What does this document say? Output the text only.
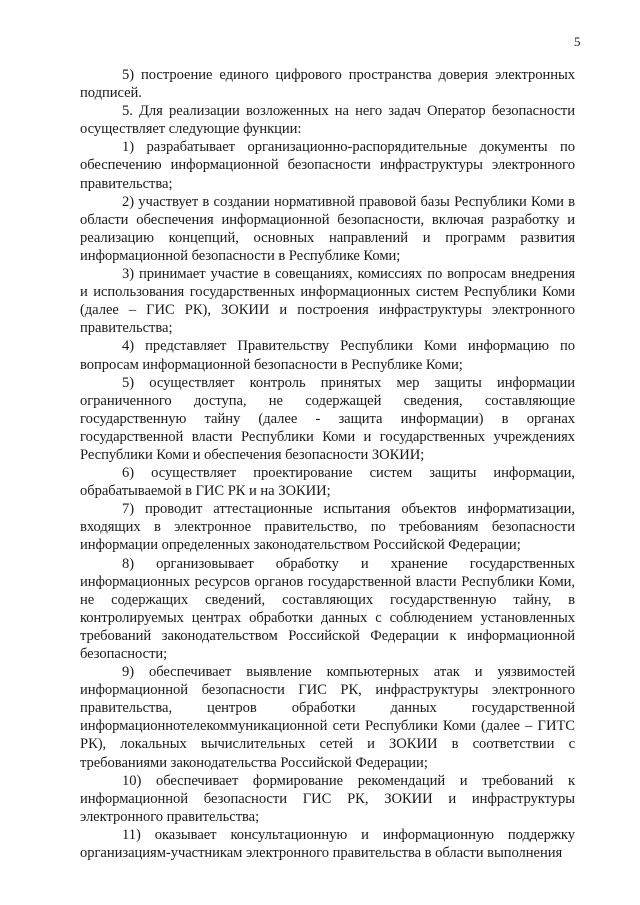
5

5) построение единого цифрового пространства доверия электронных подписей.

5. Для реализации возложенных на него задач Оператор безопасности осуществляет следующие функции:

1) разрабатывает организационно-распорядительные документы по обеспечению информационной безопасности инфраструктуры электронного правительства;

2) участвует в создании нормативной правовой базы Республики Коми в области обеспечения информационной безопасности, включая разработку и реализацию концепций, основных направлений и программ развития информационной безопасности в Республике Коми;

3) принимает участие в совещаниях, комиссиях по вопросам внедрения и использования государственных информационных систем Республики Коми (далее – ГИС РК), ЗОКИИ и построения инфраструктуры электронного правительства;

4) представляет Правительству Республики Коми информацию по вопросам информационной безопасности в Республике Коми;

5) осуществляет контроль принятых мер защиты информации ограниченного доступа, не содержащей сведения, составляющие государственную тайну (далее - защита информации) в органах государственной власти Республики Коми и государственных учреждениях Республики Коми и обеспечения безопасности ЗОКИИ;

6) осуществляет проектирование систем защиты информации, обрабатываемой в ГИС РК и на ЗОКИИ;

7) проводит аттестационные испытания объектов информатизации, входящих в электронное правительство, по требованиям безопасности информации определенных законодательством Российской Федерации;

8) организовывает обработку и хранение государственных информационных ресурсов органов государственной власти Республики Коми, не содержащих сведений, составляющих государственную тайну, в контролируемых центрах обработки данных с соблюдением установленных требований законодательством Российской Федерации к информационной безопасности;

9) обеспечивает выявление компьютерных атак и уязвимостей информационной безопасности ГИС РК, инфраструктуры электронного правительства, центров обработки данных государственной информационнотелекоммуникационной сети Республики Коми (далее – ГИТС РК), локальных вычислительных сетей и ЗОКИИ в соответствии с требованиями законодательства Российской Федерации;

10) обеспечивает формирование рекомендаций и требований к информационной безопасности ГИС РК, ЗОКИИ и инфраструктуры электронного правительства;

11) оказывает консультационную и информационную поддержку организациям-участникам электронного правительства в области выполнения
